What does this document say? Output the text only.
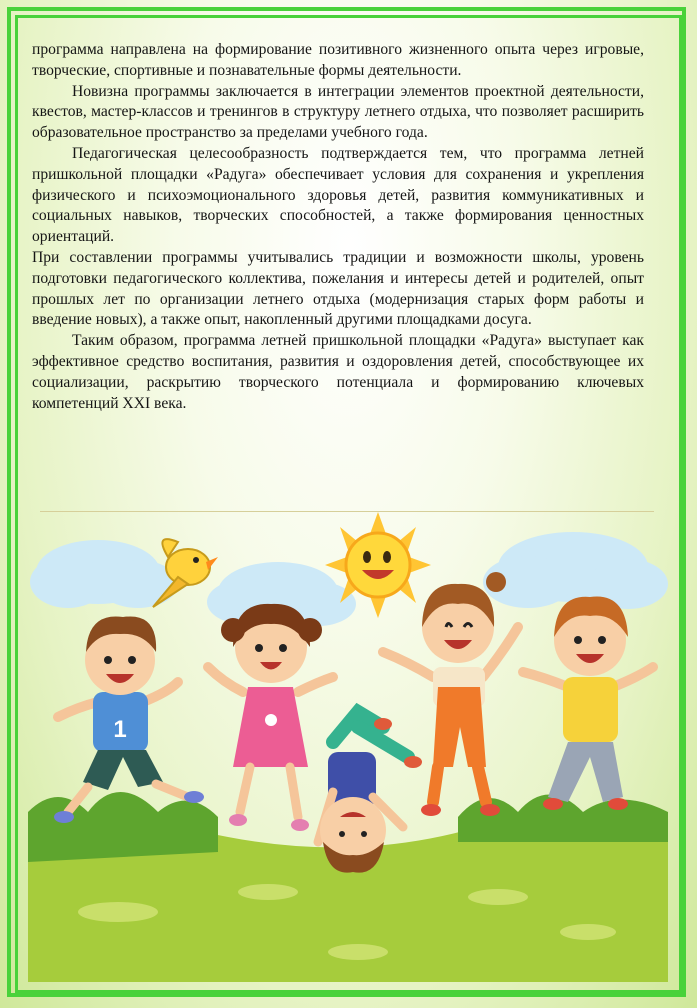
программа направлена на формирование позитивного жизненного опыта через игровые, творческие, спортивные и познавательные формы деятельности.

Новизна программы заключается в интеграции элементов проектной деятельности, квестов, мастер-классов и тренингов в структуру летнего отдыха, что позволяет расширить образовательное пространство за пределами учебного года.

Педагогическая целесообразность подтверждается тем, что программа летней пришкольной площадки «Радуга» обеспечивает условия для сохранения и укрепления физического и психоэмоционального здоровья детей, развития коммуникативных и социальных навыков, творческих способностей, а также формирования ценностных ориентаций.

При составлении программы учитывались традиции и возможности школы, уровень подготовки педагогического коллектива, пожелания и интересы детей и родителей, опыт прошлых лет по организации летнего отдыха (модернизация старых форм работы и введение новых), а также опыт, накопленный другими площадками досуга.

Таким образом, программа летней пришкольной площадки «Радуга» выступает как эффективное средство воспитания, развития и оздоровления детей, способствующее их социализации, раскрытию творческого потенциала и формированию ключевых компетенций XXI века.

1
